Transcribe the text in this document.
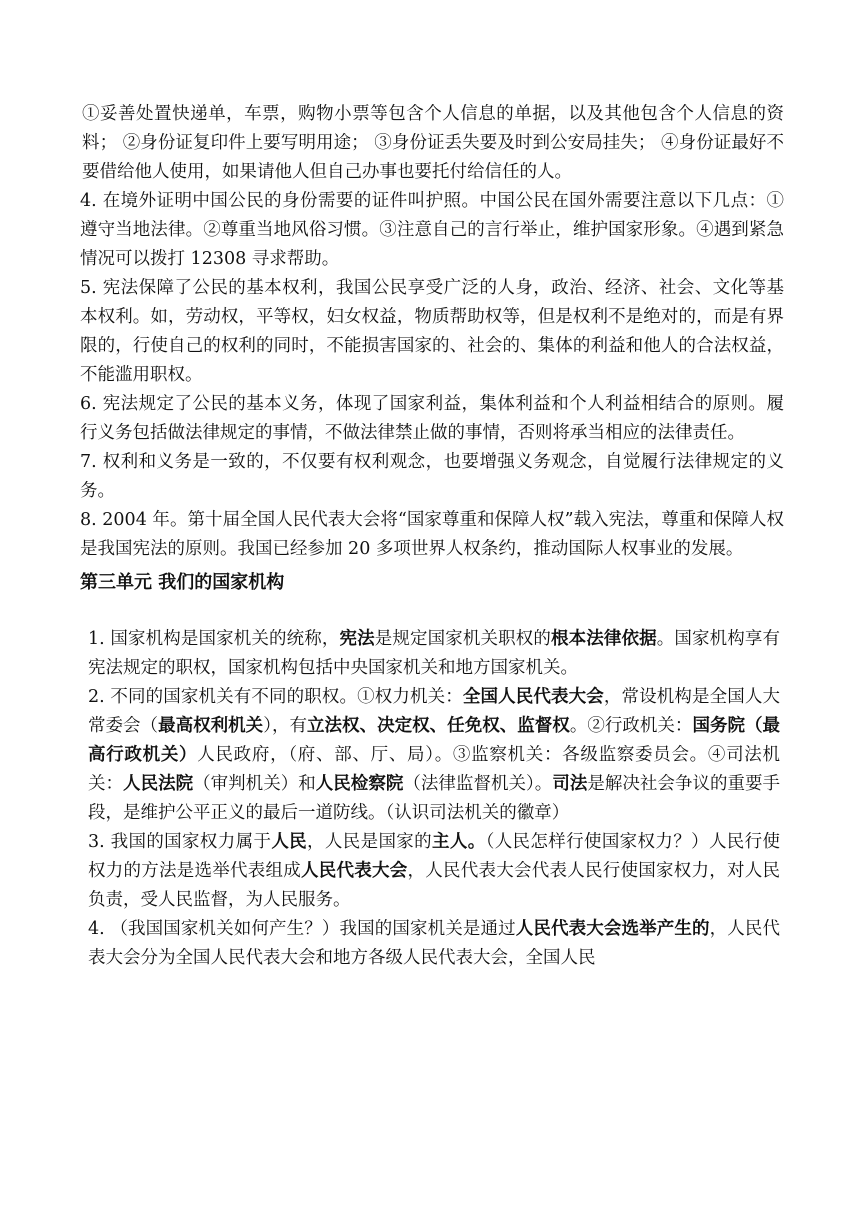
①妥善处置快递单，车票，购物小票等包含个人信息的单据，以及其他包含个人信息的资料； ②身份证复印件上要写明用途； ③身份证丢失要及时到公安局挂失； ④身份证最好不要借给他人使用，如果请他人但自己办事也要托付给信任的人。

4. 在境外证明中国公民的身份需要的证件叫护照。中国公民在国外需要注意以下几点：①遵守当地法律。②尊重当地风俗习惯。③注意自己的言行举止，维护国家形象。④遇到紧急情况可以拨打 12308 寻求帮助。

5. 宪法保障了公民的基本权利，我国公民享受广泛的人身，政治、经济、社会、文化等基本权利。如，劳动权，平等权，妇女权益，物质帮助权等，但是权利不是绝对的，而是有界限的，行使自己的权利的同时，不能损害国家的、社会的、集体的利益和他人的合法权益，不能滥用职权。

6. 宪法规定了公民的基本义务，体现了国家利益，集体利益和个人利益相结合的原则。履行义务包括做法律规定的事情，不做法律禁止做的事情，否则将承当相应的法律责任。

7. 权利和义务是一致的，不仅要有权利观念，也要增强义务观念，自觉履行法律规定的义务。

8. 2004 年。第十届全国人民代表大会将“国家尊重和保障人权”载入宪法，尊重和保障人权是我国宪法的原则。我国已经参加 20 多项世界人权条约，推动国际人权事业的发展。

第三单元 我们的国家机构

1. 国家机构是国家机关的统称，宪法是规定国家机关职权的根本法律依据。国家机构享有宪法规定的职权，国家机构包括中央国家机关和地方国家机关。

2. 不同的国家机关有不同的职权。①权力机关：全国人民代表大会，常设机构是全国人大常委会（最高权利机关），有立法权、决定权、任免权、监督权。②行政机关：国务院（最高行政机关）人民政府，（府、部、厅、局）。③监察机关：各级监察委员会。④司法机关：人民法院（审判机关）和人民检察院（法律监督机关）。司法是解决社会争议的重要手段，是维护公平正义的最后一道防线。（认识司法机关的徽章）

3. 我国的国家权力属于人民，人民是国家的主人。（人民怎样行使国家权力？）人民行使权力的方法是选举代表组成人民代表大会，人民代表大会代表人民行使国家权力，对人民负责，受人民监督，为人民服务。

4. （我国国家机关如何产生？）我国的国家机关是通过人民代表大会选举产生的，人民代表大会分为全国人民代表大会和地方各级人民代表大会，全国人民
